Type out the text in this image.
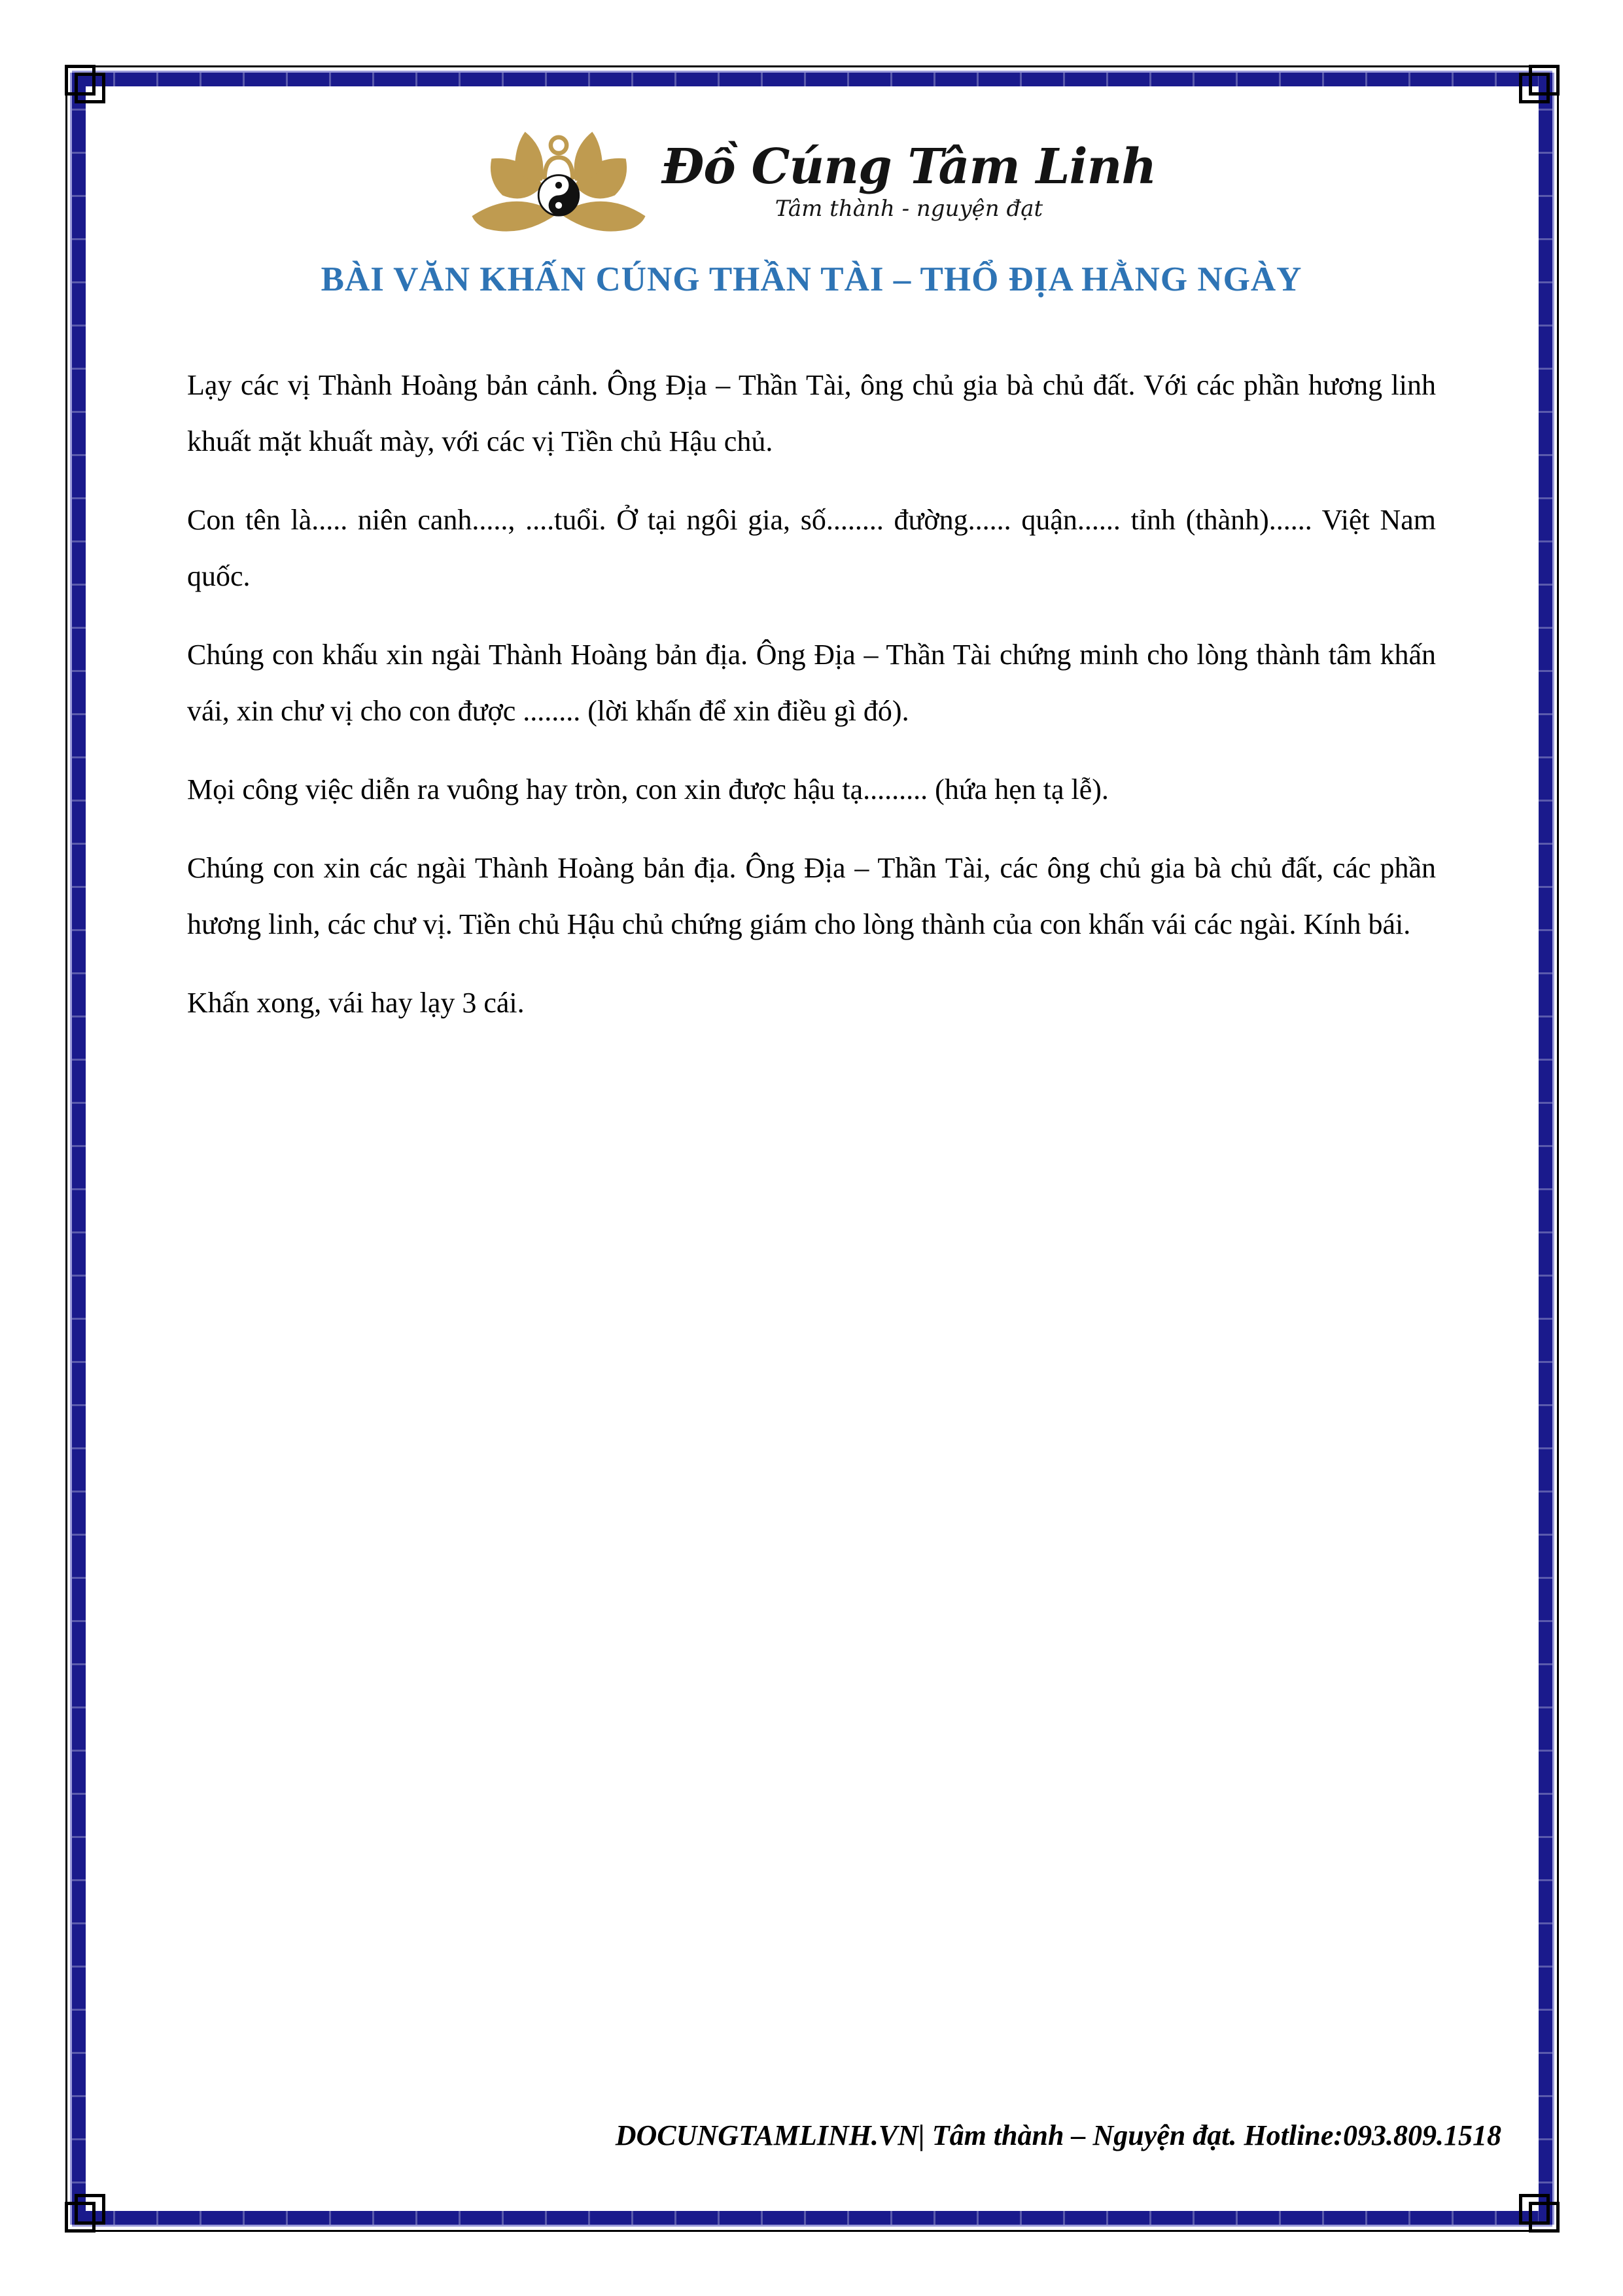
Đồ Cúng Tâm Linh
Tâm thành - nguyện đạt
BÀI VĂN KHẤN CÚNG THẦN TÀI – THỔ ĐỊA HẰNG NGÀY

Lạy các vị Thành Hoàng bản cảnh. Ông Địa – Thần Tài, ông chủ gia bà chủ đất. Với các phần hương linh khuất mặt khuất mày, với các vị Tiền chủ Hậu chủ.

Con tên là..... niên canh....., ....tuổi. Ở tại ngôi gia, số........ đường...... quận...... tỉnh (thành)...... Việt Nam quốc.

Chúng con khấu xin ngài Thành Hoàng bản địa. Ông Địa – Thần Tài chứng minh cho lòng thành tâm khấn vái, xin chư vị cho con được ........ (lời khấn để xin điều gì đó).

Mọi công việc diễn ra vuông hay tròn, con xin được hậu tạ......... (hứa hẹn tạ lễ).

Chúng con xin các ngài Thành Hoàng bản địa. Ông Địa – Thần Tài, các ông chủ gia bà chủ đất, các phần hương linh, các chư vị. Tiền chủ Hậu chủ chứng giám cho lòng thành của con khấn vái các ngài. Kính bái.

Khấn xong, vái hay lạy 3 cái.

DOCUNGTAMLINH.VN| Tâm thành – Nguyện đạt. Hotline:093.809.1518
